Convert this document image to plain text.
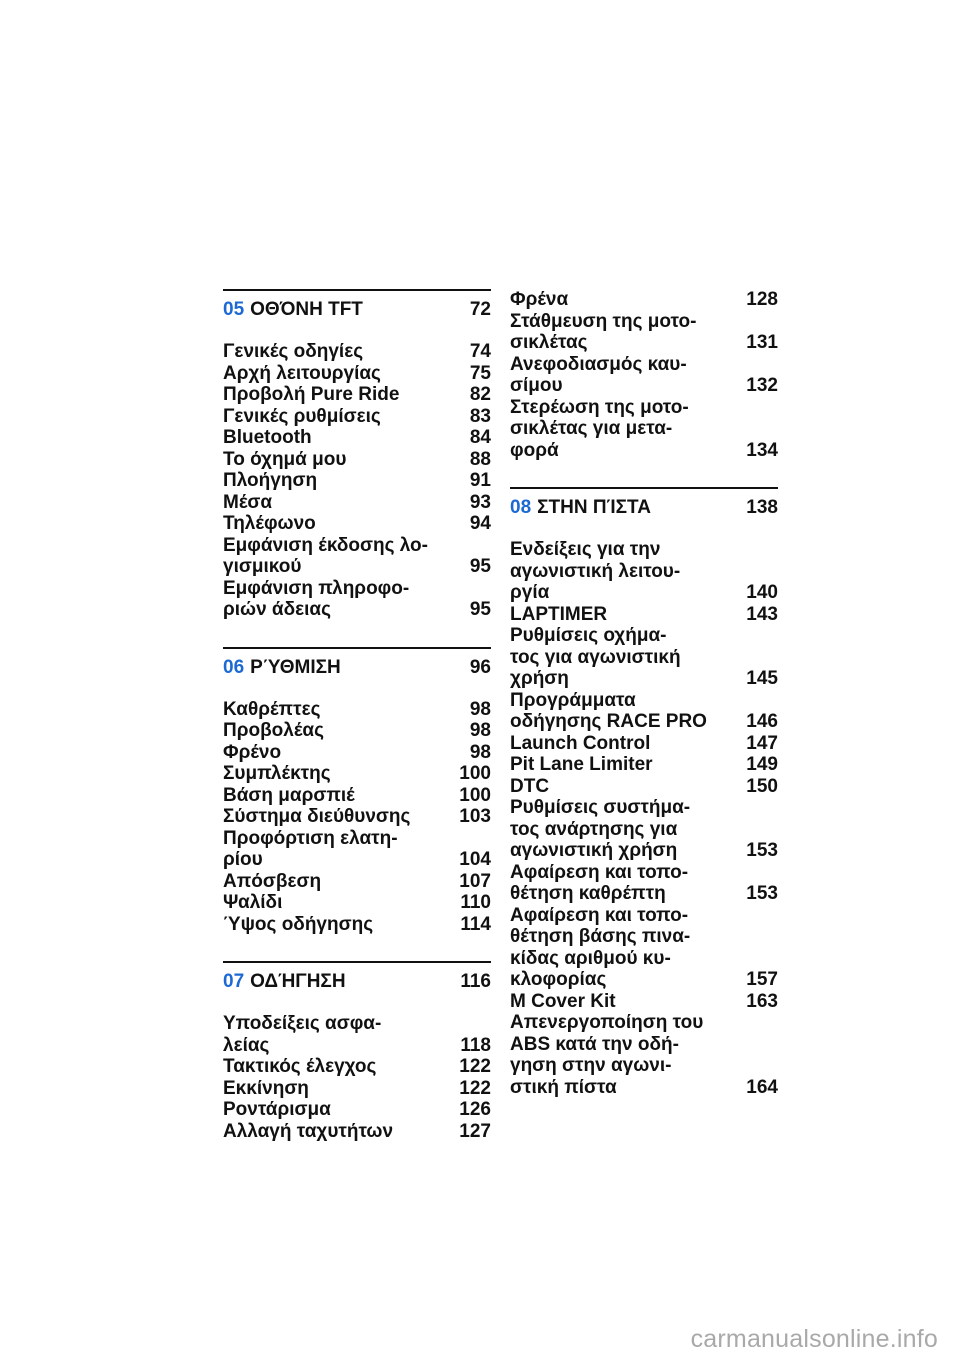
05 ΟΘΌΝΗ TFT	72
Γενικές οδηγίες	74
Αρχή λειτουργίας	75
Προβολή Pure Ride	82
Γενικές ρυθμίσεις	83
Bluetooth	84
Το όχημά μου	88
Πλοήγηση	91
Μέσα	93
Τηλέφωνο	94
Εμφάνιση έκδοσης λο-
γισμικού	95
Εμφάνιση πληροφο-
ριών άδειας	95
06 ΡΎΘΜΙΣΗ	96
Καθρέπτες	98
Προβολέας	98
Φρένο	98
Συμπλέκτης	100
Βάση μαρσπιέ	100
Σύστημα διεύθυνσης	103
Προφόρτιση ελατη-
ρίου	104
Απόσβεση	107
Ψαλίδι	110
Ύψος οδήγησης	114
07 ΟΔΉΓΗΣΗ	116
Υποδείξεις ασφα-
λείας	118
Τακτικός έλεγχος	122
Εκκίνηση	122
Ροντάρισμα	126
Αλλαγή ταχυτήτων	127
Φρένα	128
Στάθμευση της μοτο-
σικλέτας	131
Ανεφοδιασμός καυ-
σίμου	132
Στερέωση της μοτο-
σικλέτας για μετα-
φορά	134
08 ΣΤΗΝ ΠΊΣΤΑ	138
Ενδείξεις για την
αγωνιστική λειτου-
ργία	140
LAPTIMER	143
Ρυθμίσεις οχήμα-
τος για αγωνιστική
χρήση	145
Προγράμματα
οδήγησης RACE PRO 146
Launch Control	147
Pit Lane Limiter	149
DTC	150
Ρυθμίσεις συστήμα-
τος ανάρτησης για
αγωνιστική χρήση	153
Αφαίρεση και τοπο-
θέτηση καθρέπτη	153
Αφαίρεση και τοπο-
θέτηση βάσης πινα-
κίδας αριθμού κυ-
κλοφορίας	157
M Cover Kit	163
Απενεργοποίηση του
ABS κατά την οδή-
γηση στην αγωνι-
στική πίστα	164
carmanualsonline.info
